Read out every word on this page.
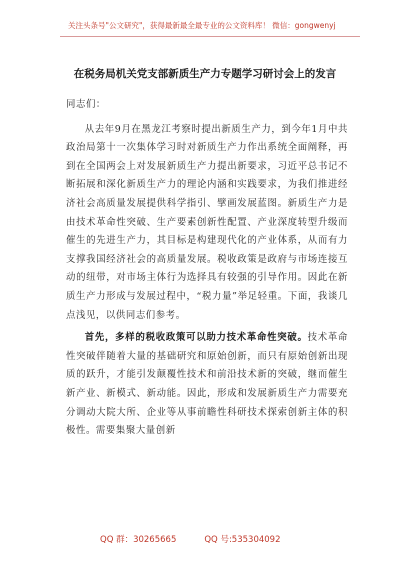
关注头条号"公文研究"，获得最新最全最专业的公文资料库！ 微信：gongwenyj
在税务局机关党支部新质生产力专题学习研讨会上的发言

同志们：

从去年9月在黑龙江考察时提出新质生产力，到今年1月中共政治局第十一次集体学习时对新质生产力作出系统全面阐释，再到在全国两会上对发展新质生产力提出新要求，习近平总书记不断拓展和深化新质生产力的理论内涵和实践要求，为我们推进经济社会高质量发展提供科学指引、擘画发展蓝图。新质生产力是由技术革命性突破、生产要素创新性配置、产业深度转型升级而催生的先进生产力，其目标是构建现代化的产业体系，从而有力支撑我国经济社会的高质量发展。税收政策是政府与市场连接互动的纽带，对市场主体行为选择具有较强的引导作用。因此在新质生产力形成与发展过程中，“税力量”举足轻重。下面，我谈几点浅见，以供同志们参考。

首先，多样的税收政策可以助力技术革命性突破。技术革命性突破伴随着大量的基础研究和原始创新，而只有原始创新出现质的跃升，才能引发颠覆性技术和前沿技术新的突破，继而催生新产业、新模式、新动能。因此，形成和发展新质生产力需要充分调动大院大所、企业等从事前瞻性科研技术探索创新主体的积极性。需要集聚大量创新

QQ 群：30265665	QQ 号:535304092
